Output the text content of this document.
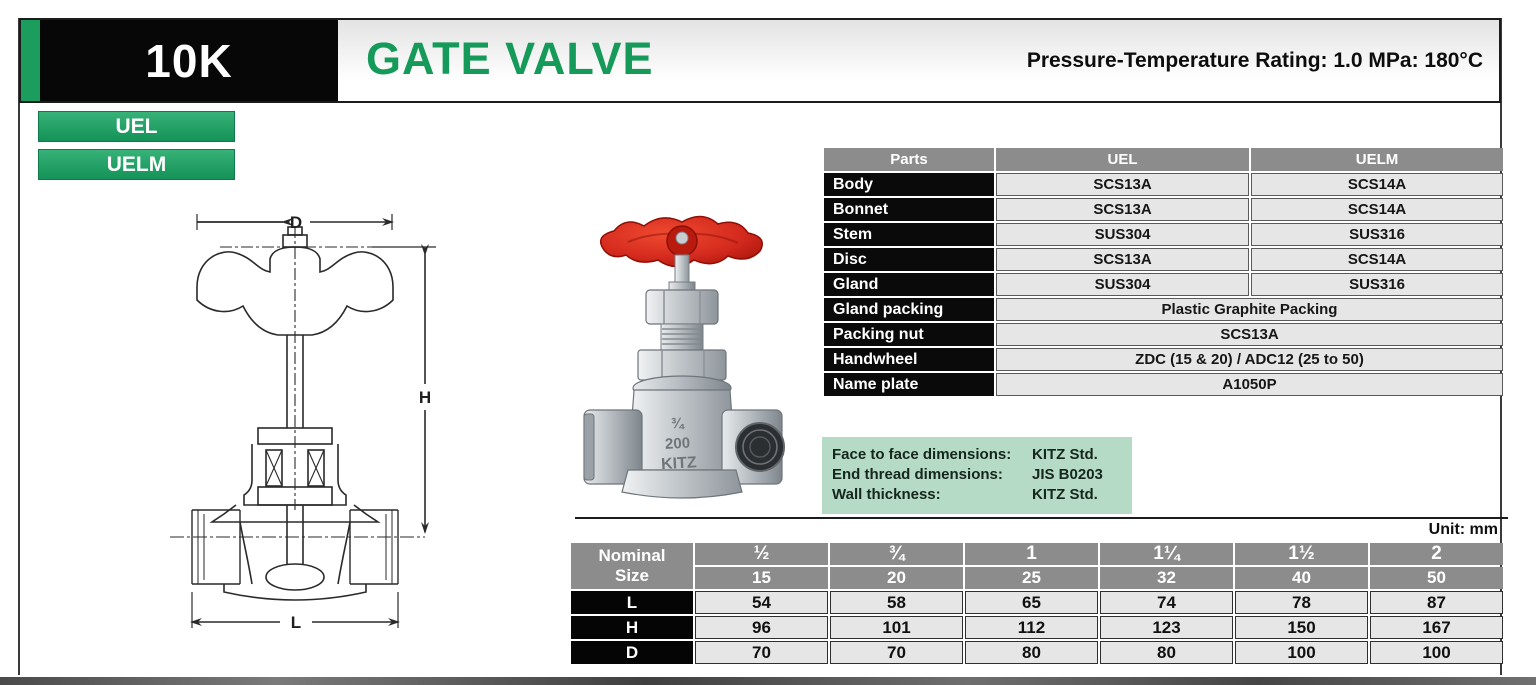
10K	GATE VALVE	Pressure-Temperature Rating: 1.0 MPa: 180°C
UEL
UELM
D
H
L
¾
200
KITZ
Parts	UEL	UELM
Body	SCS13A	SCS14A
Bonnet	SCS13A	SCS14A
Stem	SUS304	SUS316
Disc	SCS13A	SCS14A
Gland	SUS304	SUS316
Gland packing	Plastic Graphite Packing	
Packing nut	SCS13A	
Handwheel	ZDC (15 & 20) / ADC12 (25 to 50)	
Name plate	A1050P	
Face to face dimensions:	KITZ Std.
End thread dimensions:	JIS B0203
Wall thickness:	KITZ Std.
Unit: mm
Nominal
Size	½	¾	1	1¼	1½	2
	15	20	25	32	40	50
L	54	58	65	74	78	87
H	96	101	112	123	150	167
D	70	70	80	80	100	100
